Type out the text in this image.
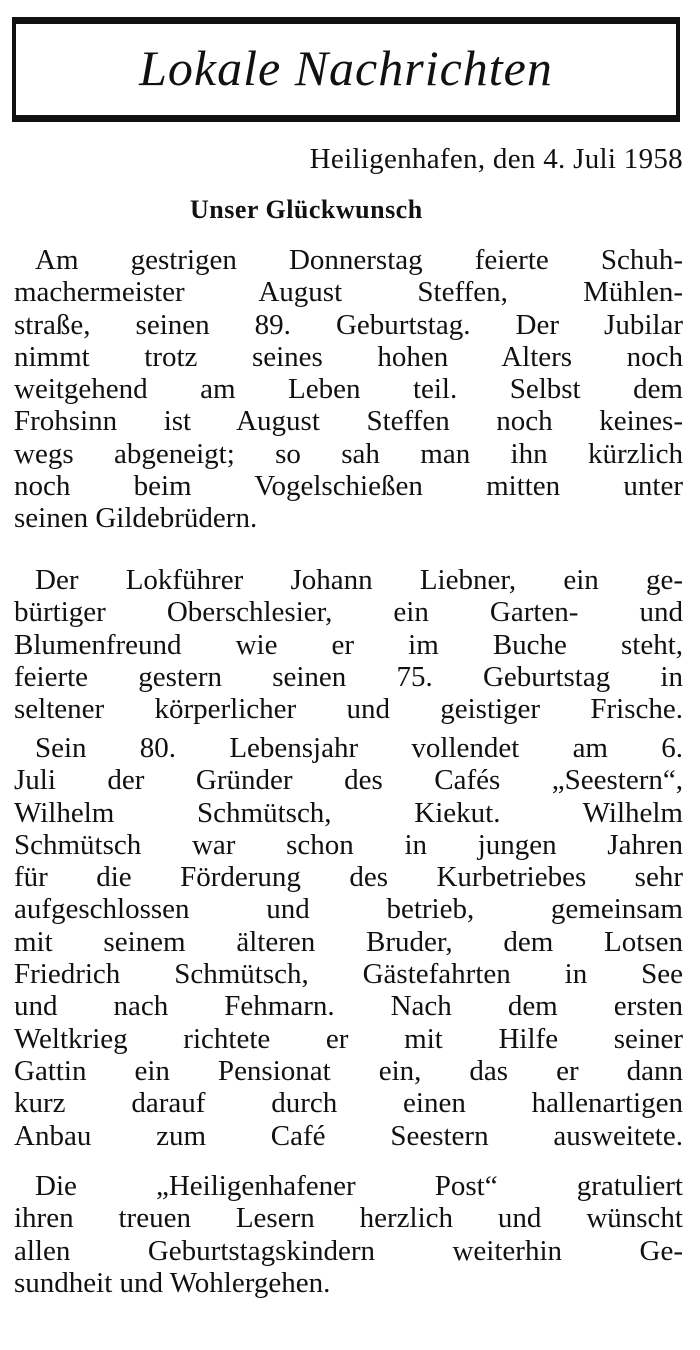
Lokale Nachrichten
Heiligenhafen, den 4. Juli 1958
Unser Glückwunsch
Am gestrigen Donnerstag feierte Schuh-
machermeister August Steffen, Mühlen-
straße, seinen 89. Geburtstag. Der Jubilar
nimmt trotz seines hohen Alters noch
weitgehend am Leben teil. Selbst dem
Frohsinn ist August Steffen noch keines-
wegs abgeneigt; so sah man ihn kürzlich
noch beim Vogelschießen mitten unter
seinen Gildebrüdern.
Der Lokführer Johann Liebner, ein ge-
bürtiger Oberschlesier, ein Garten- und
Blumenfreund wie er im Buche steht,
feierte gestern seinen 75. Geburtstag in
seltener körperlicher und geistiger Frische.
Sein 80. Lebensjahr vollendet am 6.
Juli der Gründer des Cafés „Seestern“,
Wilhelm Schmütsch, Kiekut. Wilhelm
Schmütsch war schon in jungen Jahren
für die Förderung des Kurbetriebes sehr
aufgeschlossen und betrieb, gemeinsam
mit seinem älteren Bruder, dem Lotsen
Friedrich Schmütsch, Gästefahrten in See
und nach Fehmarn. Nach dem ersten
Weltkrieg richtete er mit Hilfe seiner
Gattin ein Pensionat ein, das er dann
kurz darauf durch einen hallenartigen
Anbau zum Café Seestern ausweitete.
Die „Heiligenhafener Post“ gratuliert
ihren treuen Lesern herzlich und wünscht
allen Geburtstagskindern weiterhin Ge-
sundheit und Wohlergehen.
